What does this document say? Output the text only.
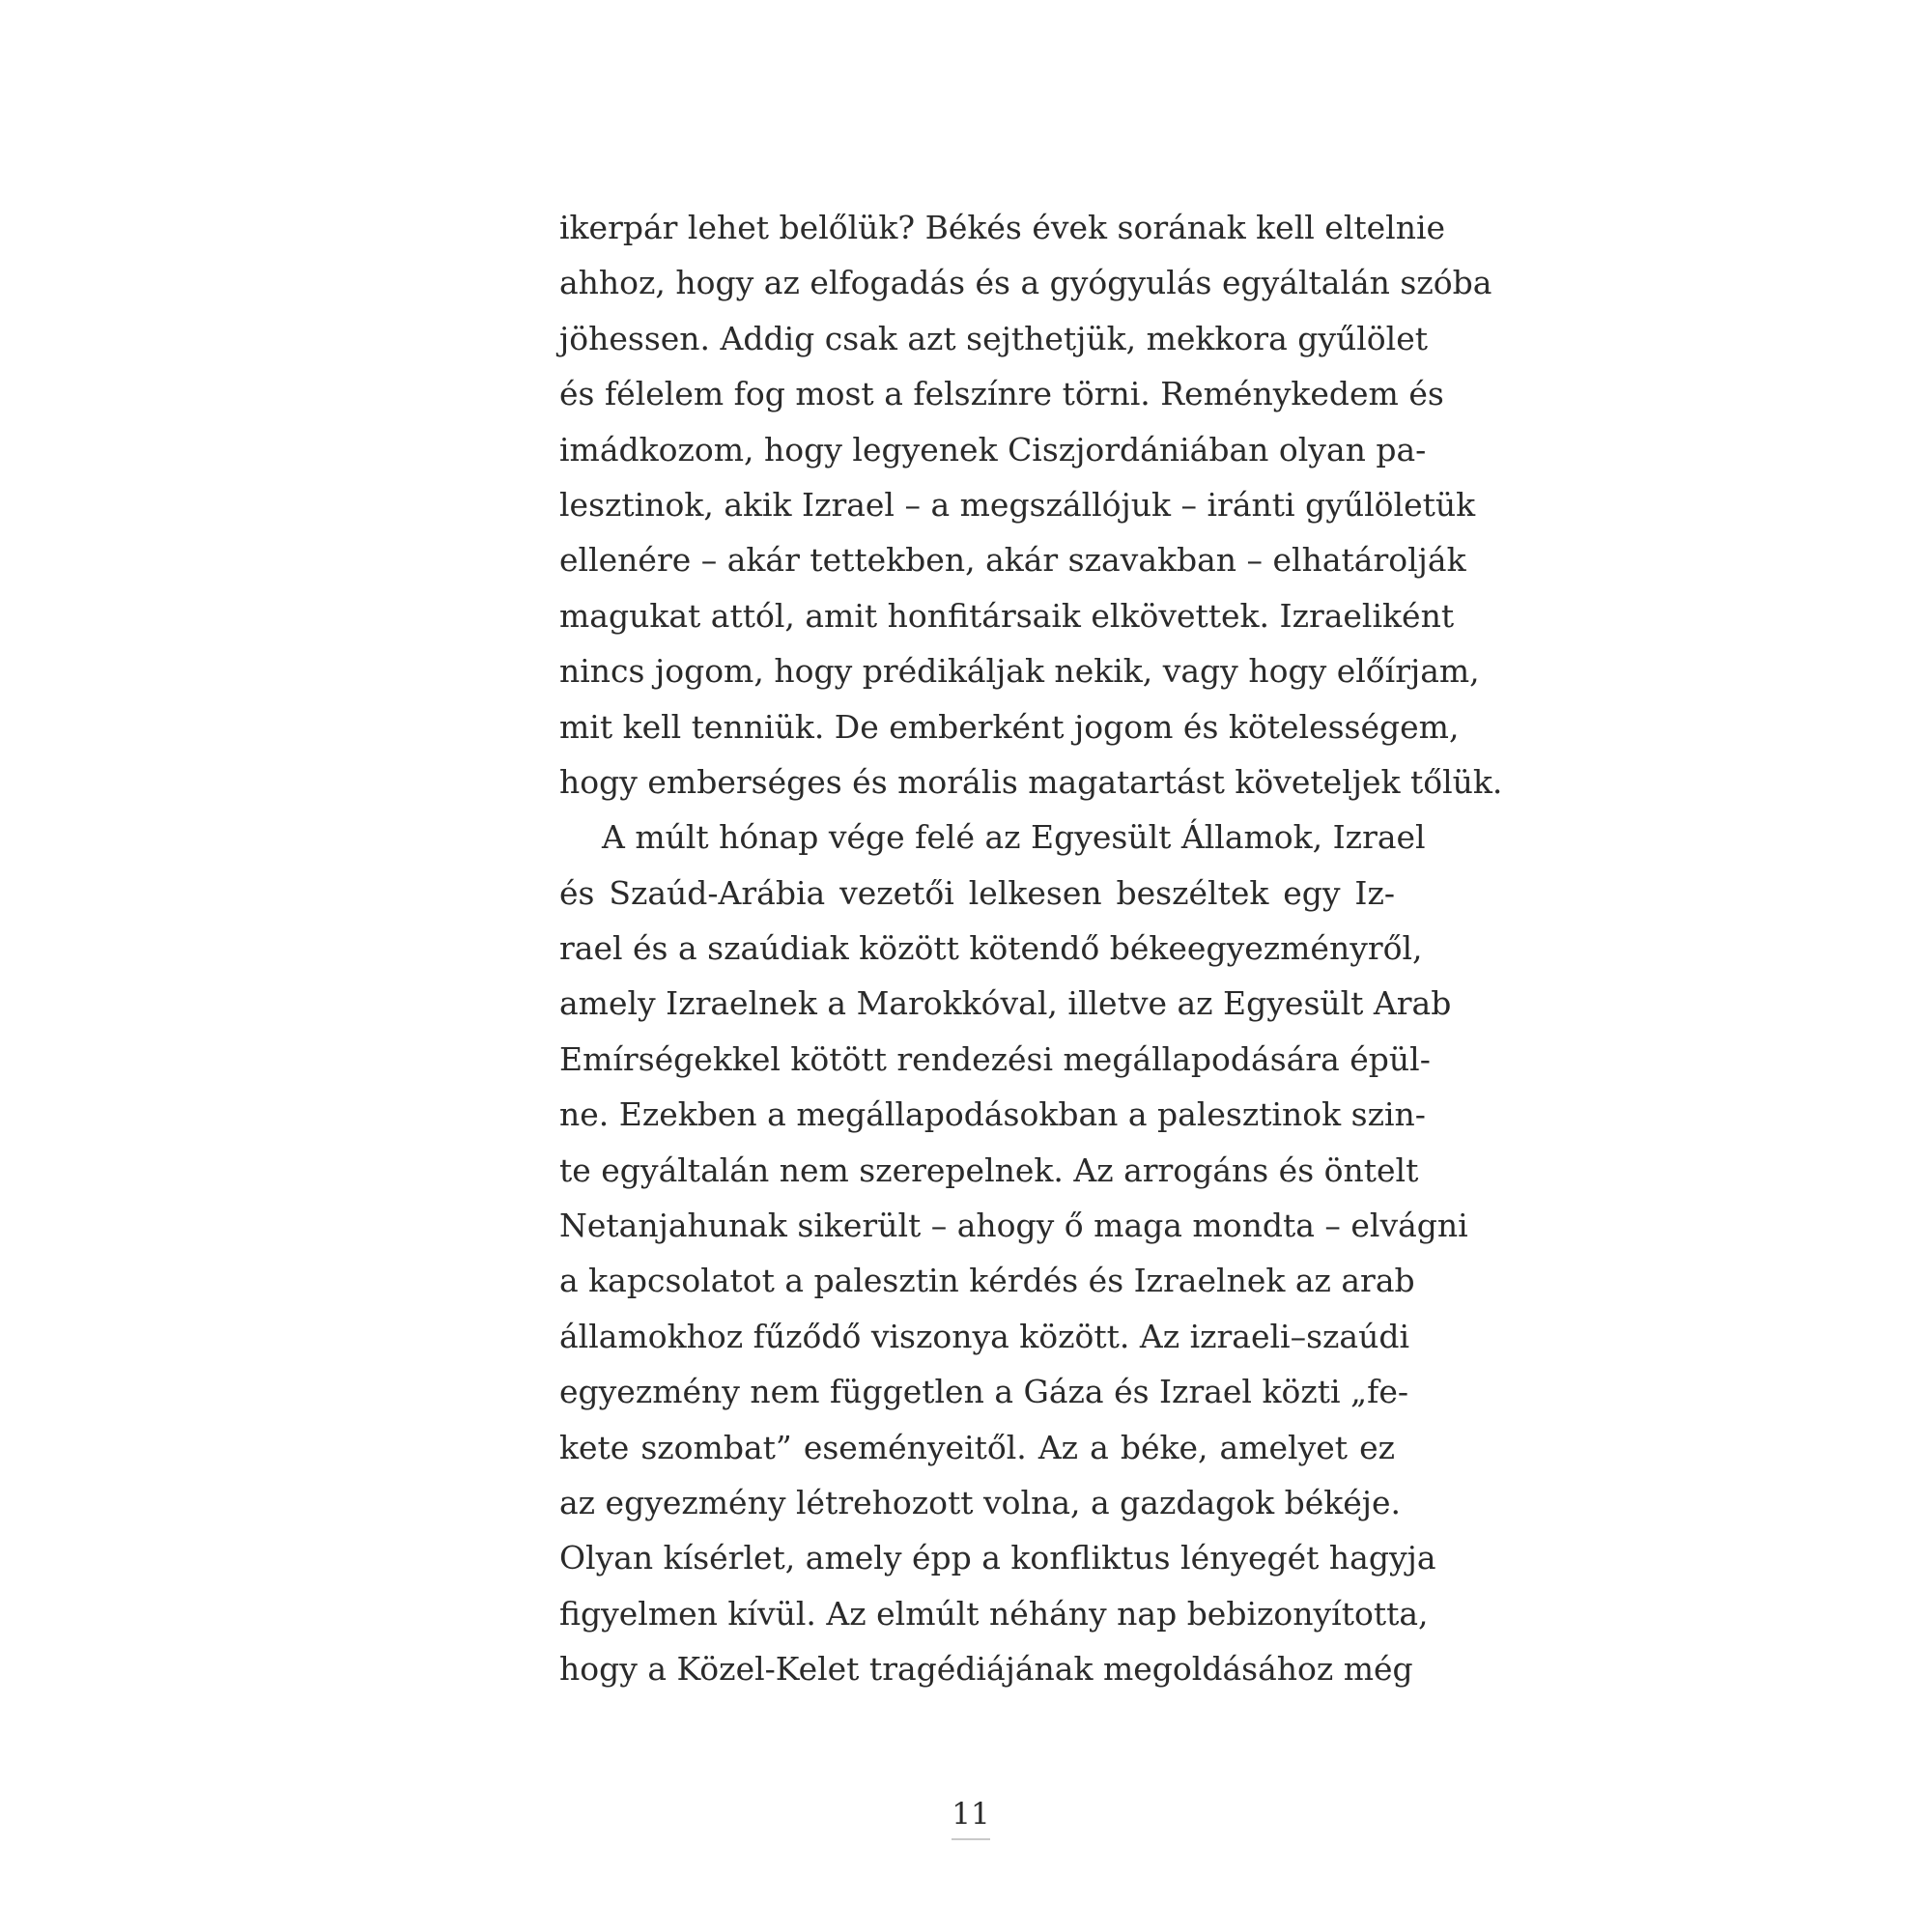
ikerpár lehet belőlük? Békés évek sorának kell eltelnie
ahhoz, hogy az elfogadás és a gyógyulás egyáltalán szóba
jöhessen. Addig csak azt sejthetjük, mekkora gyűlölet
és félelem fog most a felszínre törni. Reménykedem és
imádkozom, hogy legyenek Ciszjordániában olyan pa-
lesztinok, akik Izrael – a megszállójuk – iránti gyűlöletük
ellenére – akár tettekben, akár szavakban – elhatárolják
magukat attól, amit honfitársaik elkövettek. Izraeliként
nincs jogom, hogy prédikáljak nekik, vagy hogy előírjam,
mit kell tenniük. De emberként jogom és kötelességem,
hogy emberséges és morális magatartást követeljek tőlük.
A múlt hónap vége felé az Egyesült Államok, Izrael
és Szaúd-Arábia vezetői lelkesen beszéltek egy Iz-
rael és a szaúdiak között kötendő békeegyezményről,
amely Izraelnek a Marokkóval, illetve az Egyesült Arab
Emírségekkel kötött rendezési megállapodására épül-
ne. Ezekben a megállapodásokban a palesztinok szin-
te egyáltalán nem szerepelnek. Az arrogáns és öntelt
Netanjahunak sikerült – ahogy ő maga mondta – elvágni
a kapcsolatot a palesztin kérdés és Izraelnek az arab
államokhoz fűződő viszonya között. Az izraeli–szaúdi
egyezmény nem független a Gáza és Izrael közti „fe-
kete szombat” eseményeitől. Az a béke, amelyet ez
az egyezmény létrehozott volna, a gazdagok békéje.
Olyan kísérlet, amely épp a konfliktus lényegét hagyja
figyelmen kívül. Az elmúlt néhány nap bebizonyította,
hogy a Közel-Kelet tragédiájának megoldásához még
11
